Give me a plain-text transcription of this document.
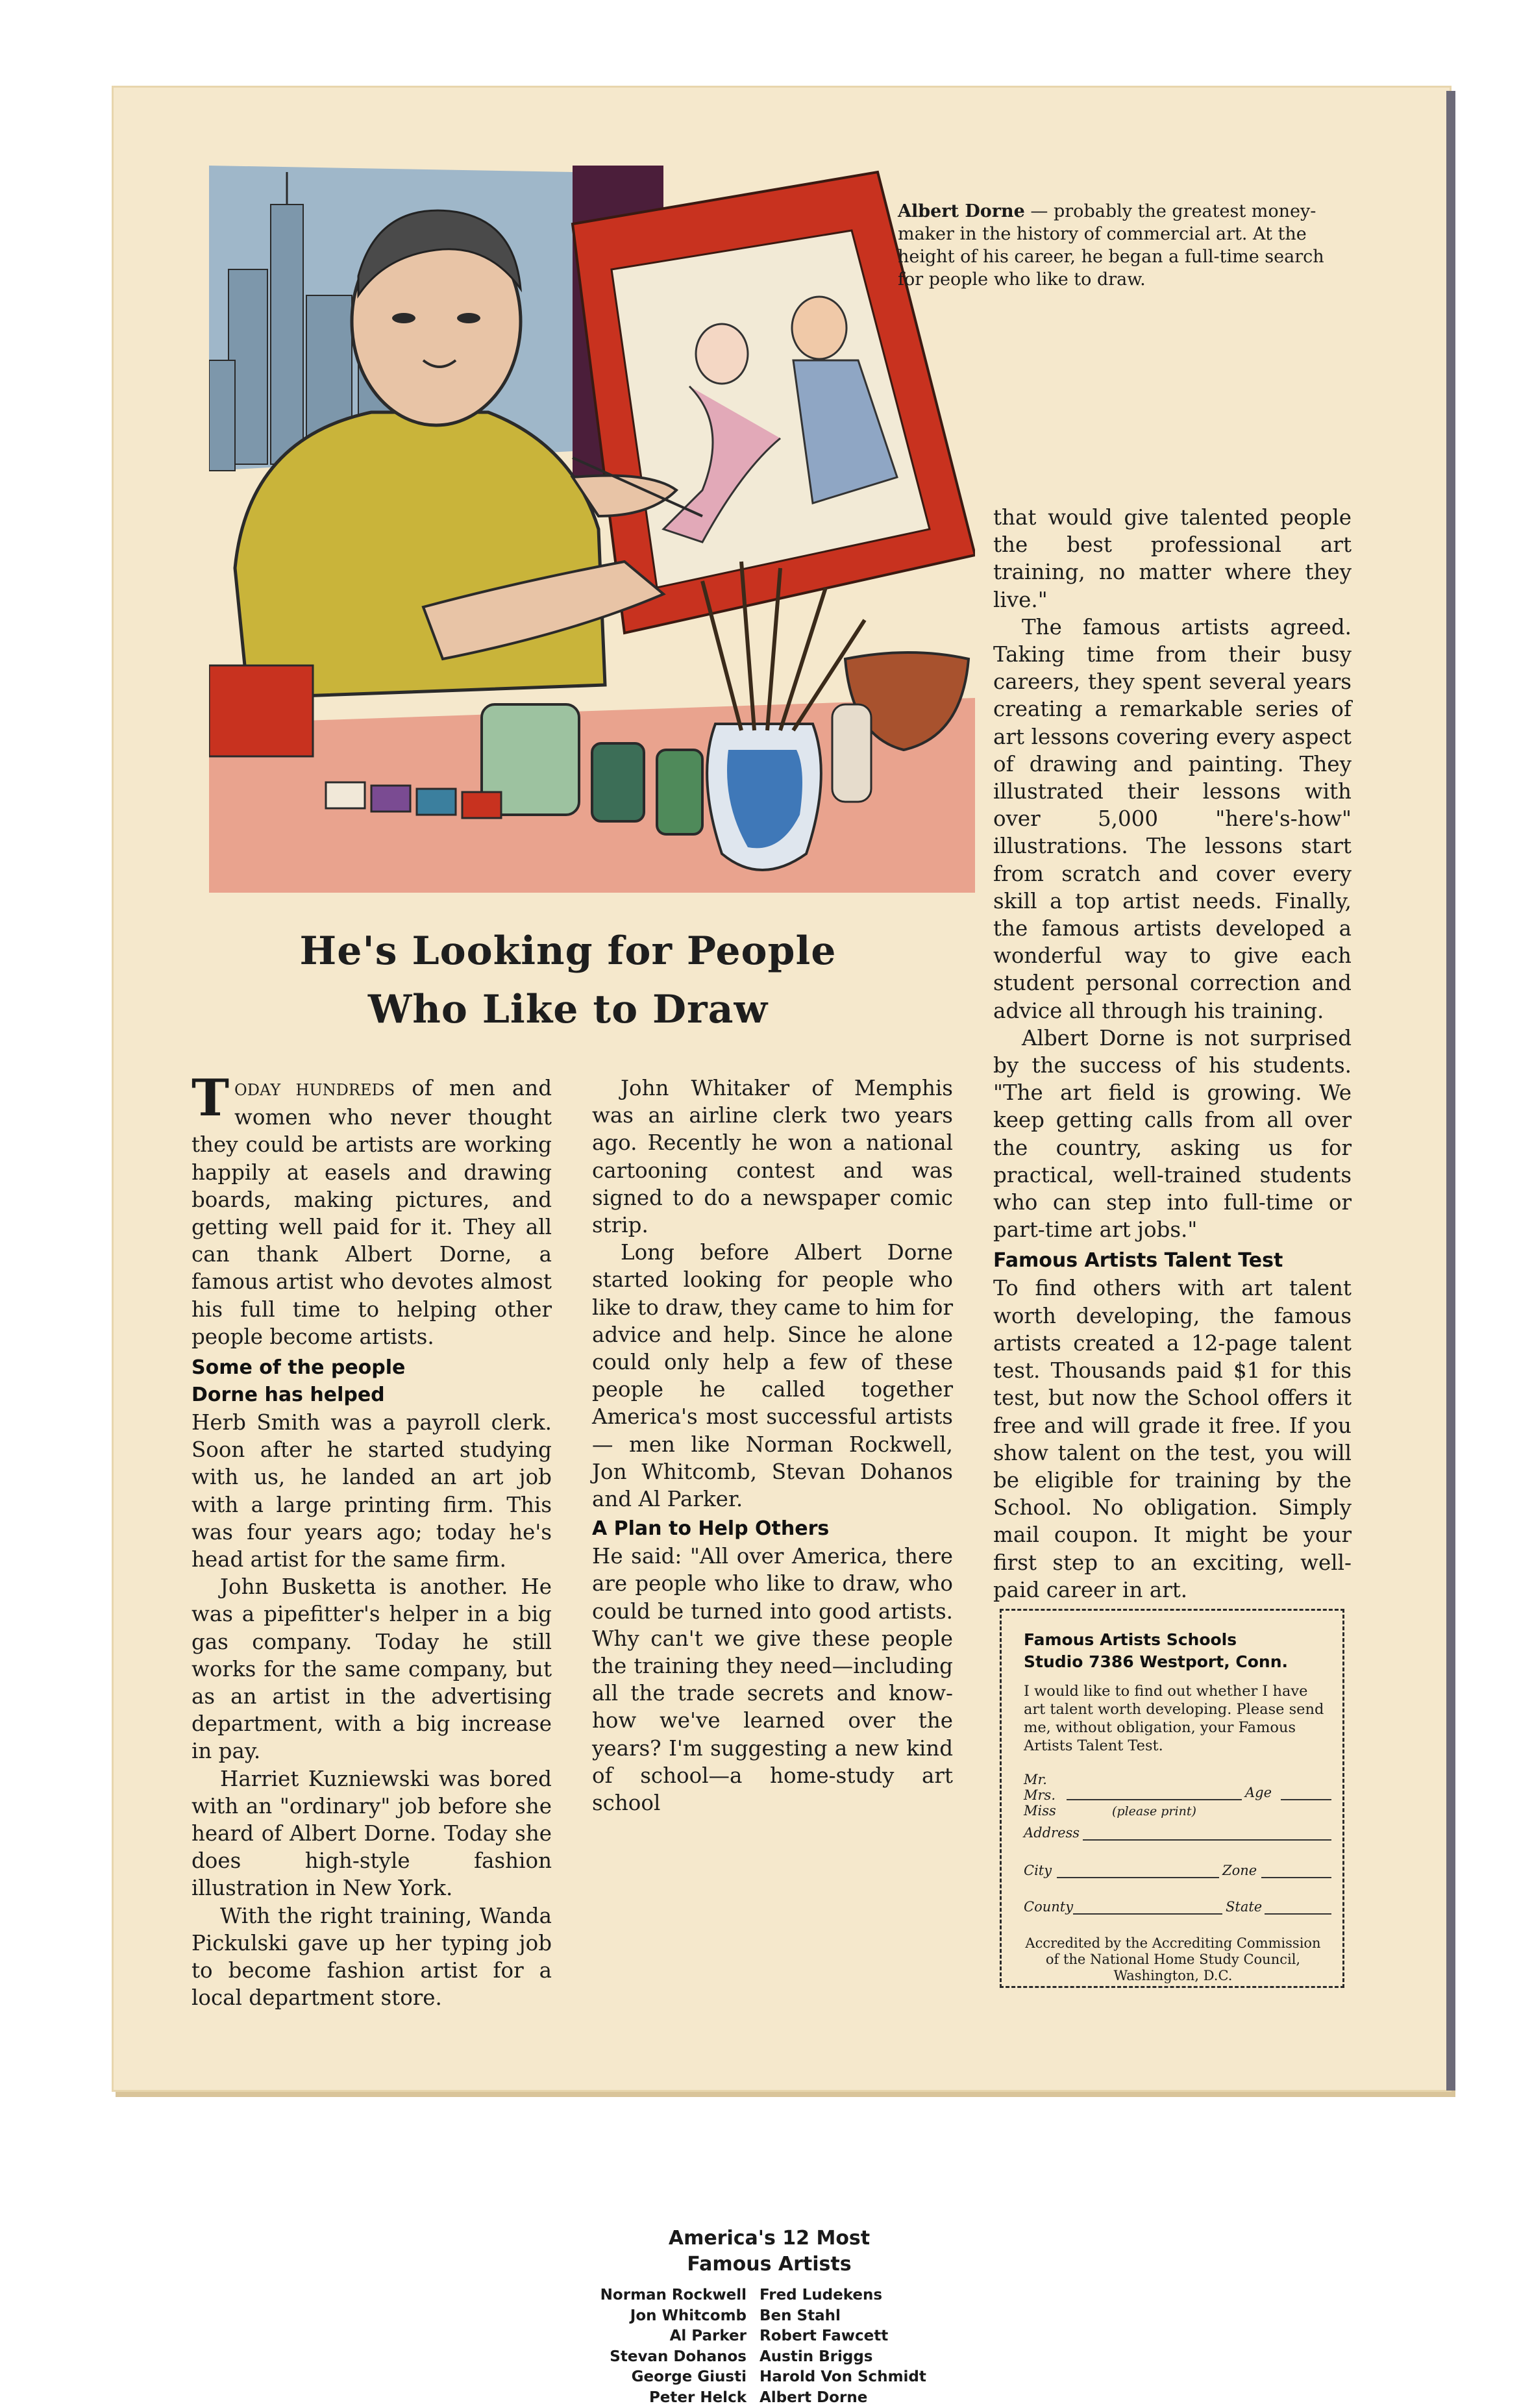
Albert Dorne — probably the greatest money-maker in the history of commercial art. At the height of his career, he began a full-time search for people who like to draw.
He's Looking for People
Who Like to Draw

TODAY HUNDREDS of men and women who never thought they could be artists are working happily at easels and drawing boards, making pictures, and getting well paid for it. They all can thank Albert Dorne, a famous artist who devotes almost his full time to helping other people become artists.

Some of the people

Dorne has helped

Herb Smith was a payroll clerk. Soon after he started studying with us, he landed an art job with a large printing firm. This was four years ago; today he's head artist for the same firm.

John Busketta is another. He was a pipefitter's helper in a big gas company. Today he still works for the same company, but as an artist in the advertising department, with a big increase in pay.

Harriet Kuzniewski was bored with an "ordinary" job before she heard of Albert Dorne. Today she does high-style fashion illustration in New York.

With the right training, Wanda Pickulski gave up her typing job to become fashion artist for a local department store.

John Whitaker of Memphis was an airline clerk two years ago. Recently he won a national cartooning contest and was signed to do a newspaper comic strip.

Long before Albert Dorne started looking for people who like to draw, they came to him for advice and help. Since he alone could only help a few of these people he called together America's most successful artists — men like Norman Rockwell, Jon Whitcomb, Stevan Dohanos and Al Parker.

A Plan to Help Others

He said: "All over America, there are people who like to draw, who could be turned into good artists. Why can't we give these people the training they need—including all the trade secrets and know-how we've learned over the years? I'm suggesting a new kind of school—a home-study art school

that would give talented people the best professional art training, no matter where they live."

The famous artists agreed. Taking time from their busy careers, they spent several years creating a remarkable series of art lessons covering every aspect of drawing and painting. They illustrated their lessons with over 5,000 "here's-how" illustrations. The lessons start from scratch and cover every skill a top artist needs. Finally, the famous artists developed a wonderful way to give each student personal correction and advice all through his training.

Albert Dorne is not surprised by the success of his students. "The art field is growing. We keep getting calls from all over the country, asking us for practical, well-trained students who can step into full-time or part-time art jobs."

Famous Artists Talent Test

To find others with art talent worth developing, the famous artists created a 12-page talent test. Thousands paid $1 for this test, but now the School offers it free and will grade it free. If you show talent on the test, you will be eligible for training by the School. No obligation. Simply mail coupon. It might be your first step to an exciting, well-paid career in art.

America's 12 Most
Famous Artists
Norman Rockwell
Jon Whitcomb
Al Parker
Stevan Dohanos
George Giusti
Peter Helck
Fred Ludekens
Ben Stahl
Robert Fawcett
Austin Briggs
Harold Von Schmidt
Albert Dorne
Famous Artists Schools
Studio 7386 Westport, Conn.
I would like to find out whether I have art talent worth developing. Please send me, without obligation, your Famous Artists Talent Test.
Mr.
Mrs.
Miss
Age
(please print)
Address
City	Zone
County	State
Accredited by the Accrediting Commission of the National Home Study Council, Washington, D.C.
